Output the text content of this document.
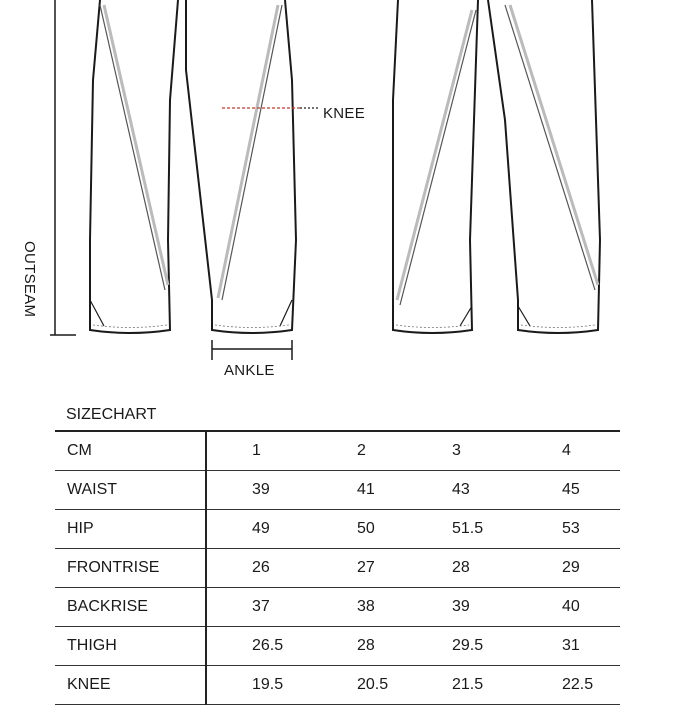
KNEE
ANKLE
OUTSEAM
SIZECHART
CM	1	2	3	4
WAIST	39	41	43	45
HIP	49	50	51.5	53
FRONTRISE	26	27	28	29
BACKRISE	37	38	39	40
THIGH	26.5	28	29.5	31
KNEE	19.5	20.5	21.5	22.5
